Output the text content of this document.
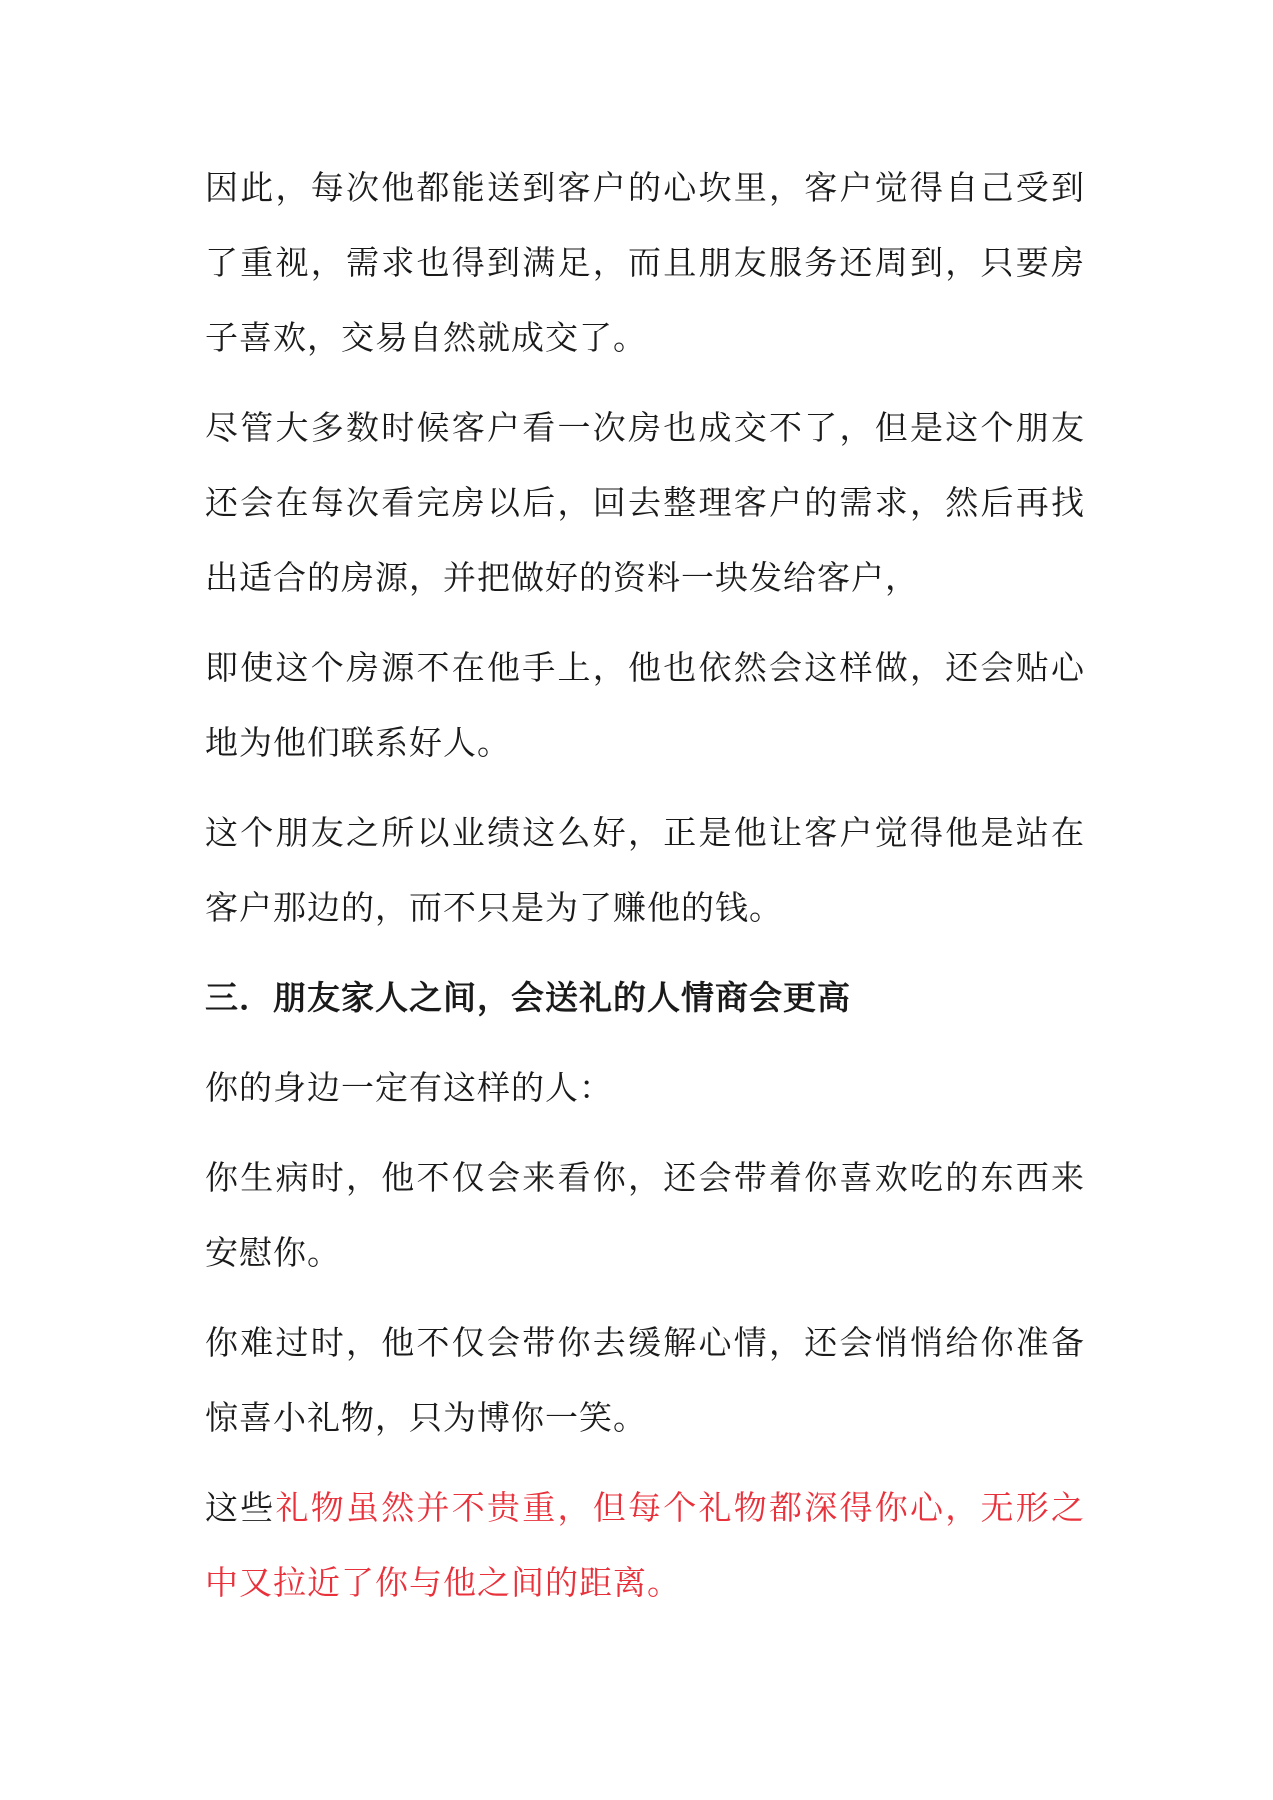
因此，每次他都能送到客户的心坎里，客户觉得自己受到了重视，需求也得到满足，而且朋友服务还周到，只要房子喜欢，交易自然就成交了。

尽管大多数时候客户看一次房也成交不了，但是这个朋友还会在每次看完房以后，回去整理客户的需求，然后再找出适合的房源，并把做好的资料一块发给客户，

即使这个房源不在他手上，他也依然会这样做，还会贴心地为他们联系好人。

这个朋友之所以业绩这么好，正是他让客户觉得他是站在客户那边的，而不只是为了赚他的钱。

三．朋友家人之间，会送礼的人情商会更高

你的身边一定有这样的人：

你生病时，他不仅会来看你，还会带着你喜欢吃的东西来安慰你。

你难过时，他不仅会带你去缓解心情，还会悄悄给你准备惊喜小礼物，只为博你一笑。

这些礼物虽然并不贵重，但每个礼物都深得你心，无形之中又拉近了你与他之间的距离。
